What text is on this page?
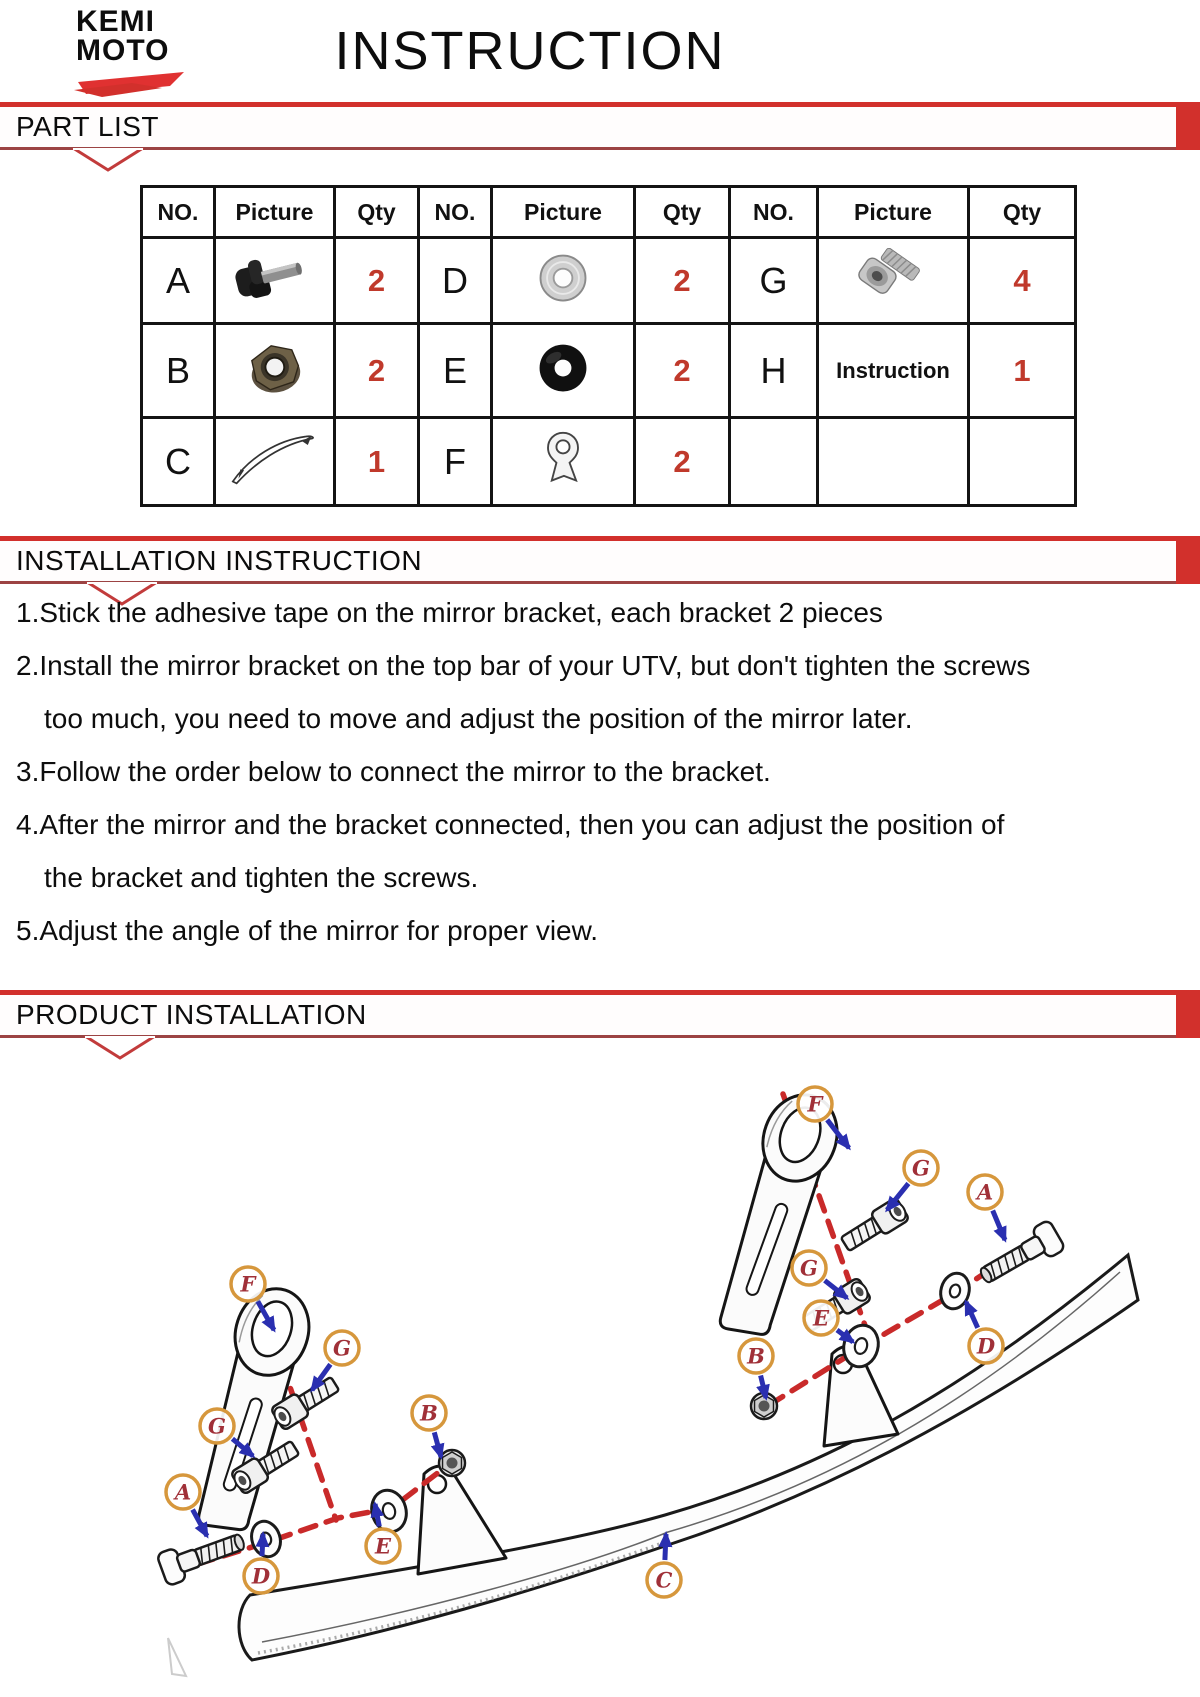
KEMI
MOTO	INSTRUCTION
PART LIST
NO.	Picture	Qty	NO.	Picture	Qty	NO.	Picture	Qty
A		2	D		2	G		4
B		2	E		2	H	Instruction	1
C		1	F		2			
INSTALLATION INSTRUCTION
1.Stick the adhesive tape on the mirror bracket, each bracket 2 pieces
2.Install the mirror bracket on the top bar of your UTV, but don't tighten the screws
too much, you need to move and adjust the position of the mirror later.
3.Follow the order below to connect the mirror to the bracket.
4.After the mirror and the bracket connected, then you can adjust the position of
the bracket and tighten the screws.
5.Adjust the angle of the mirror for proper view.
PRODUCT INSTALLATION
F
G
A
G
E
B	D
F
G
G
B
A
E
D	C
